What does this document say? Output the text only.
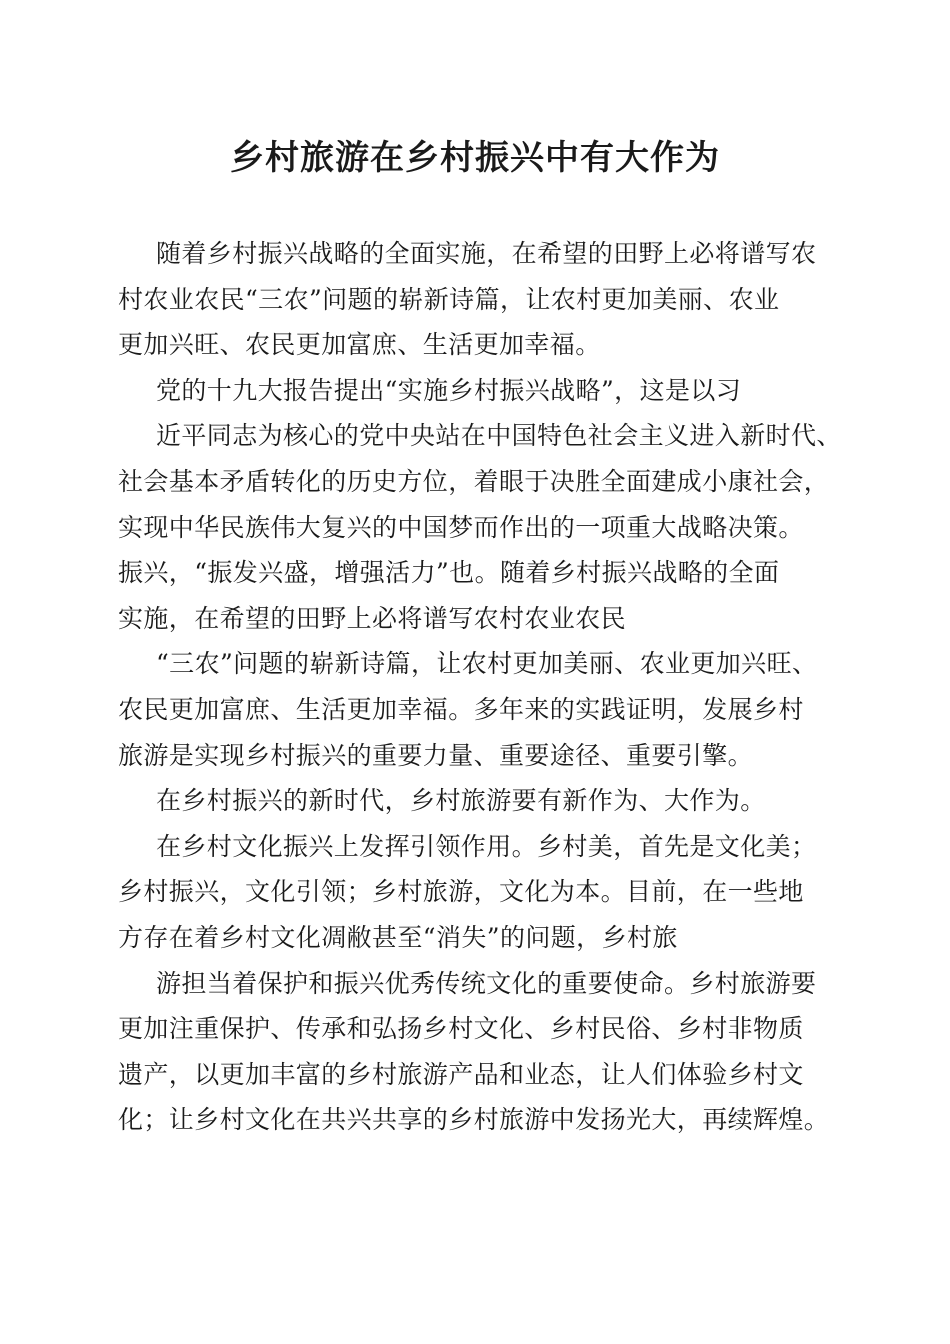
乡村旅游在乡村振兴中有大作为
随着乡村振兴战略的全面实施，在希望的田野上必将谱写农
村农业农民“三农”问题的崭新诗篇，让农村更加美丽、农业
更加兴旺、农民更加富庶、生活更加幸福。
党的十九大报告提出“实施乡村振兴战略”，这是以习
近平同志为核心的党中央站在中国特色社会主义进入新时代、
社会基本矛盾转化的历史方位，着眼于决胜全面建成小康社会，
实现中华民族伟大复兴的中国梦而作出的一项重大战略决策。
振兴，“振发兴盛，增强活力”也。随着乡村振兴战略的全面
实施，在希望的田野上必将谱写农村农业农民
“三农”问题的崭新诗篇，让农村更加美丽、农业更加兴旺、
农民更加富庶、生活更加幸福。多年来的实践证明，发展乡村
旅游是实现乡村振兴的重要力量、重要途径、重要引擎。
在乡村振兴的新时代，乡村旅游要有新作为、大作为。
在乡村文化振兴上发挥引领作用。乡村美，首先是文化美；
乡村振兴，文化引领；乡村旅游，文化为本。目前，在一些地
方存在着乡村文化凋敝甚至“消失”的问题，乡村旅
游担当着保护和振兴优秀传统文化的重要使命。乡村旅游要
更加注重保护、传承和弘扬乡村文化、乡村民俗、乡村非物质
遗产，以更加丰富的乡村旅游产品和业态，让人们体验乡村文
化；让乡村文化在共兴共享的乡村旅游中发扬光大，再续辉煌。
